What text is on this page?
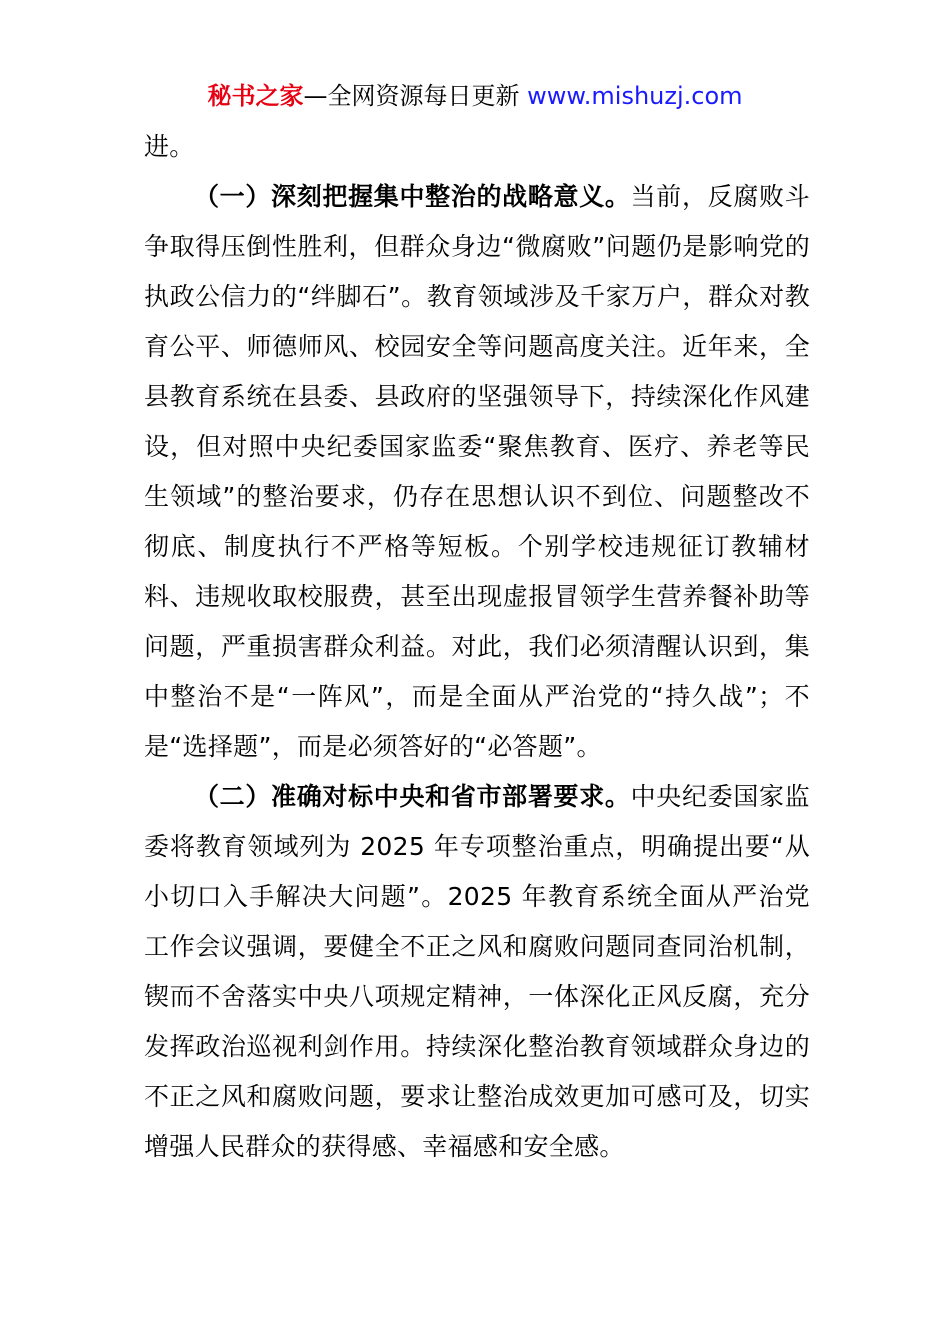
秘书之家—全网资源每日更新 www.mishuzj.com

进。

（一）深刻把握集中整治的战略意义。当前，反腐败斗争取得压倒性胜利，但群众身边“微腐败”问题仍是影响党的执政公信力的“绊脚石”。教育领域涉及千家万户，群众对教育公平、师德师风、校园安全等问题高度关注。近年来，全县教育系统在县委、县政府的坚强领导下，持续深化作风建设，但对照中央纪委国家监委“聚焦教育、医疗、养老等民生领域”的整治要求，仍存在思想认识不到位、问题整改不彻底、制度执行不严格等短板。个别学校违规征订教辅材料、违规收取校服费，甚至出现虚报冒领学生营养餐补助等问题，严重损害群众利益。对此，我们必须清醒认识到，集中整治不是“一阵风”，而是全面从严治党的“持久战”；不是“选择题”，而是必须答好的“必答题”。

（二）准确对标中央和省市部署要求。中央纪委国家监委将教育领域列为 2025 年专项整治重点，明确提出要“从小切口入手解决大问题”。2025 年教育系统全面从严治党工作会议强调，要健全不正之风和腐败问题同查同治机制，锲而不舍落实中央八项规定精神，一体深化正风反腐，充分发挥政治巡视利剑作用。持续深化整治教育领域群众身边的不正之风和腐败问题，要求让整治成效更加可感可及，切实增强人民群众的获得感、幸福感和安全感。
